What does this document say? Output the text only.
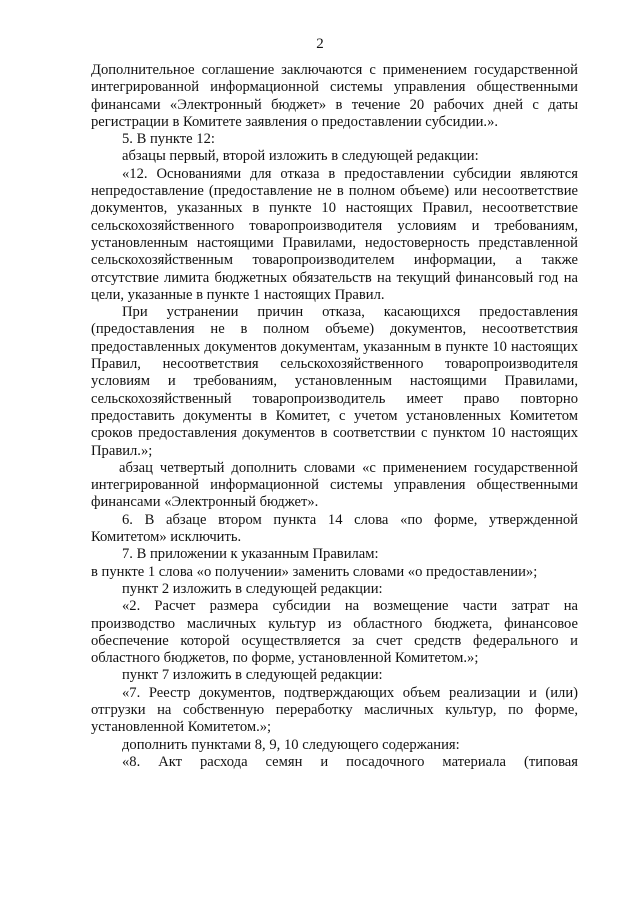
2

Дополнительное соглашение заключаются с применением государственной интегрированной информационной системы управления общественными финансами «Электронный бюджет» в течение 20 рабочих дней с даты регистрации в Комитете заявления о предоставлении субсидии.».

5. В пункте 12:

абзацы первый, второй изложить в следующей редакции:

«12. Основаниями для отказа в предоставлении субсидии являются непредоставление (предоставление не в полном объеме) или несоответствие документов, указанных в пункте 10 настоящих Правил, несоответствие сельскохозяйственного товаропроизводителя условиям и требованиям, установленным настоящими Правилами, недостоверность представленной сельскохозяйственным товаропроизводителем информации, а также отсутствие лимита бюджетных обязательств на текущий финансовый год на цели, указанные в пункте 1 настоящих Правил.

При устранении причин отказа, касающихся предоставления (предоставления не в полном объеме) документов, несоответствия предоставленных документов документам, указанным в пункте 10 настоящих Правил, несоответствия сельскохозяйственного товаропроизводителя условиям и требованиям, установленным настоящими Правилами, сельскохозяйственный товаропроизводитель имеет право повторно предоставить документы в Комитет, с учетом установленных Комитетом сроков предоставления документов в соответствии с пунктом 10 настоящих Правил.»;

абзац четвертый дополнить словами «с применением государственной интегрированной информационной системы управления общественными финансами «Электронный бюджет».

6. В абзаце втором пункта 14 слова «по форме, утвержденной Комитетом» исключить.

7. В приложении к указанным Правилам:

в пункте 1 слова «о получении» заменить словами «о предоставлении»;

пункт 2 изложить в следующей редакции:

«2. Расчет размера субсидии на возмещение части затрат на производство масличных культур из областного бюджета, финансовое обеспечение которой осуществляется за счет средств федерального и областного бюджетов, по форме, установленной Комитетом.»;

пункт 7 изложить в следующей редакции:

«7. Реестр документов, подтверждающих объем реализации и (или) отгрузки на собственную переработку масличных культур, по форме, установленной Комитетом.»;

дополнить пунктами 8, 9, 10 следующего содержания:

«8. Акт расхода семян и посадочного материала (типовая
